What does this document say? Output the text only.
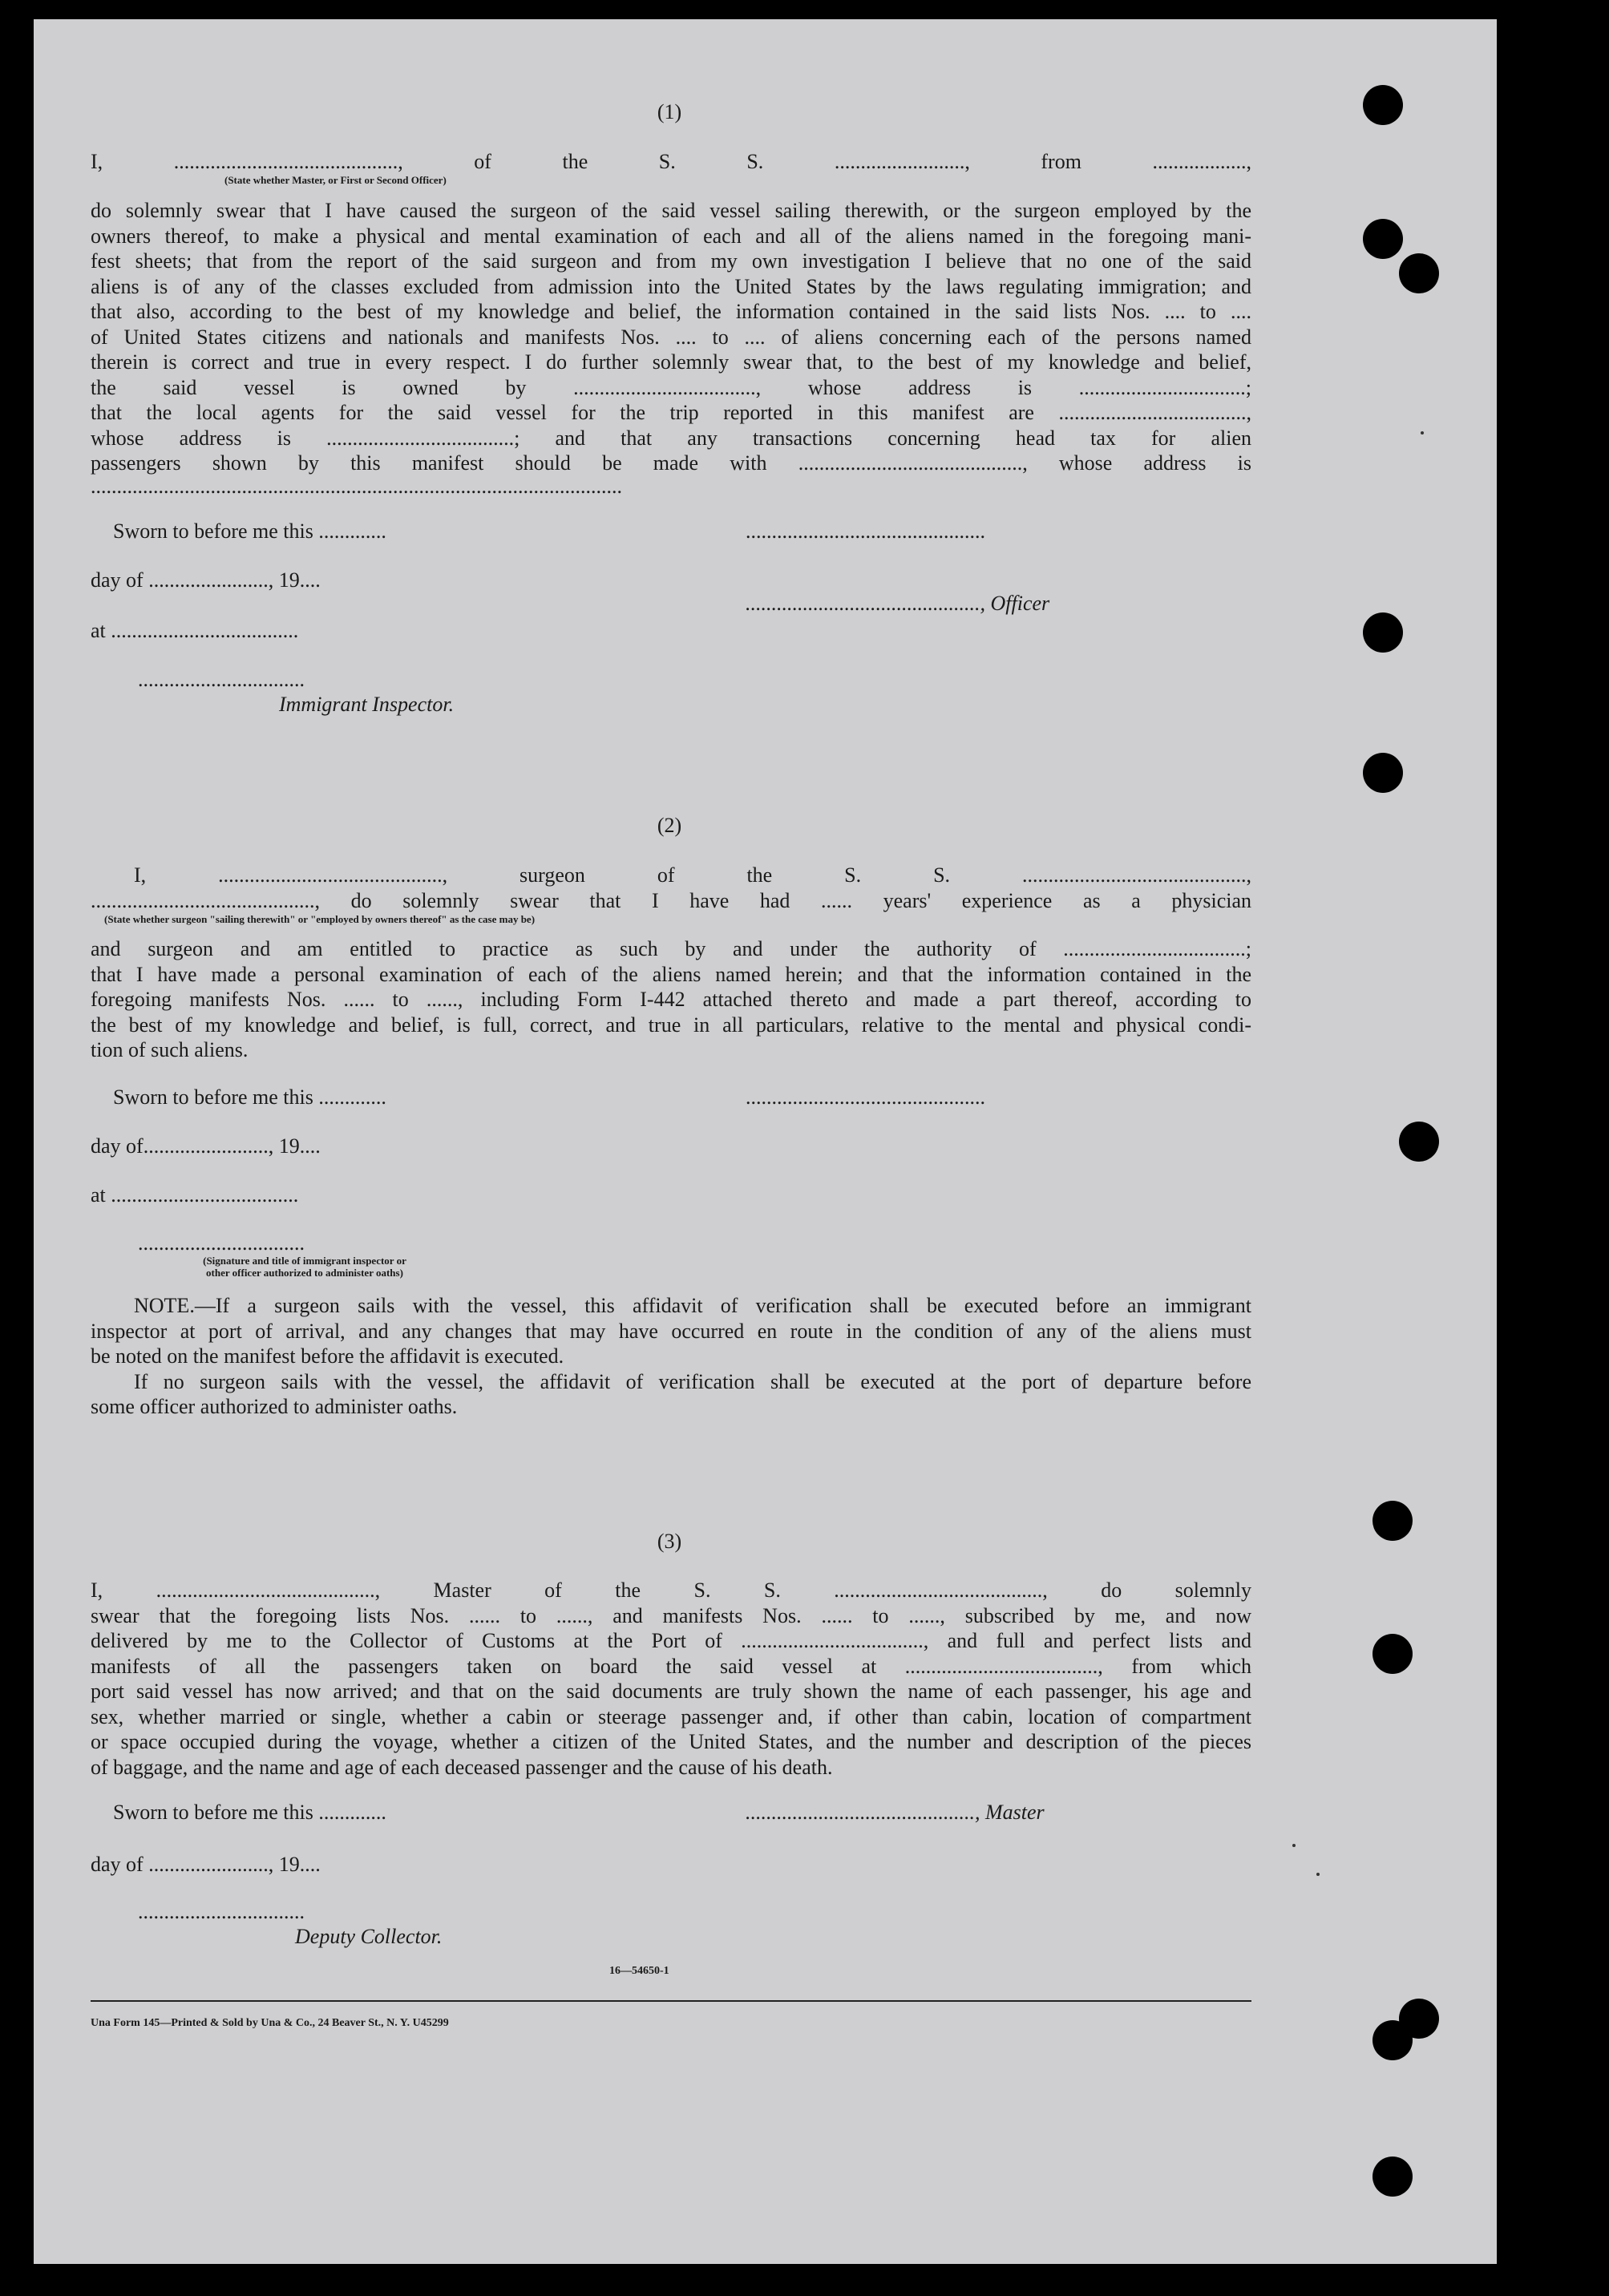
(1)
I, ..........................................., of the S. S. ........................., from ..................,
(State whether Master, or First or Second Officer)
do solemnly swear that I have caused the surgeon of the said vessel sailing therewith, or the surgeon employed by the
owners thereof, to make a physical and mental examination of each and all of the aliens named in the foregoing mani-
fest sheets; that from the report of the said surgeon and from my own investigation I believe that no one of the said
aliens is of any of the classes excluded from admission into the United States by the laws regulating immigration; and
that also, according to the best of my knowledge and belief, the information contained in the said lists Nos. .... to ....
of United States citizens and nationals and manifests Nos. .... to .... of aliens concerning each of the persons named
therein is correct and true in every respect. I do further solemnly swear that, to the best of my knowledge and belief,
the said vessel is owned by ..................................., whose address is ................................;
that the local agents for the said vessel for the trip reported in this manifest are ....................................,
whose address is ....................................; and that any transactions concerning head tax for alien
passengers shown by this manifest should be made with ..........................................., whose address is
......................................................................................................
Sworn to before me this .............	..............................................
day of ......................., 19....
............................................., Officer
at ....................................
................................
Immigrant Inspector.
(2)
I, ..........................................., surgeon of the S. S. ...........................................,
..........................................., do solemnly swear that I have had ...... years' experience as a physician
(State whether surgeon "sailing therewith" or "employed by owners thereof" as the case may be)
and surgeon and am entitled to practice as such by and under the authority of ...................................;
that I have made a personal examination of each of the aliens named herein; and that the information contained in the
foregoing manifests Nos. ...... to ......, including Form I-442 attached thereto and made a part thereof, according to
the best of my knowledge and belief, is full, correct, and true in all particulars, relative to the mental and physical condi-
tion of such aliens.
Sworn to before me this .............	..............................................
day of........................, 19....
at ....................................
................................
(Signature and title of immigrant inspector or
other officer authorized to administer oaths)
NOTE.—If a surgeon sails with the vessel, this affidavit of verification shall be executed before an immigrant
inspector at port of arrival, and any changes that may have occurred en route in the condition of any of the aliens must
be noted on the manifest before the affidavit is executed.
If no surgeon sails with the vessel, the affidavit of verification shall be executed at the port of departure before
some officer authorized to administer oaths.
(3)
I, .........................................., Master of the S. S. ........................................, do solemnly
swear that the foregoing lists Nos. ...... to ......, and manifests Nos. ...... to ......, subscribed by me, and now
delivered by me to the Collector of Customs at the Port of ..................................., and full and perfect lists and
manifests of all the passengers taken on board the said vessel at ....................................., from which
port said vessel has now arrived; and that on the said documents are truly shown the name of each passenger, his age and
sex, whether married or single, whether a cabin or steerage passenger and, if other than cabin, location of compartment
or space occupied during the voyage, whether a citizen of the United States, and the number and description of the pieces
of baggage, and the name and age of each deceased passenger and the cause of his death.
Sworn to before me this .............	............................................, Master
day of ......................., 19....
................................
Deputy Collector.
16—54650-1
Una Form 145—Printed & Sold by Una & Co., 24 Beaver St., N. Y. U45299
